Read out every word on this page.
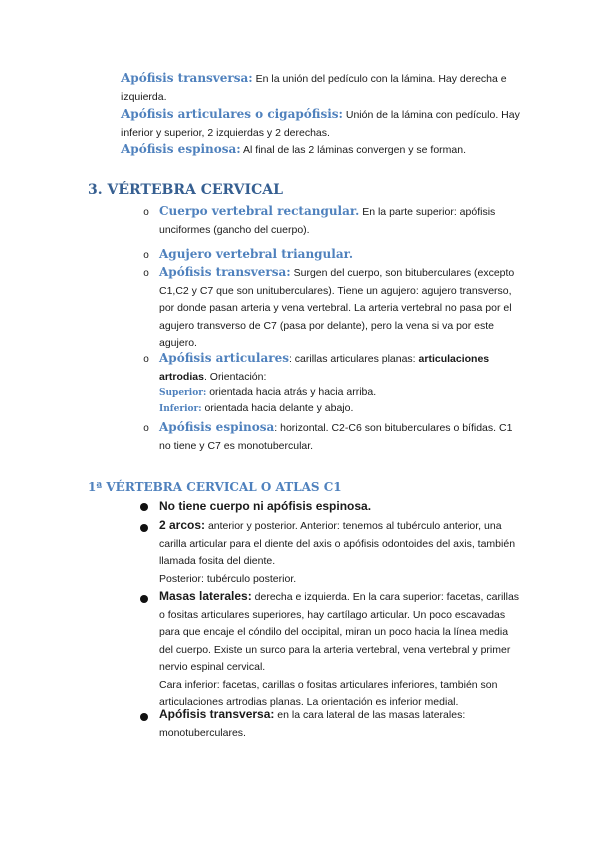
Apófisis transversa: En la unión del pedículo con la lámina. Hay derecha e izquierda.
Apófisis articulares o cigapófisis: Unión de la lámina con pedículo. Hay inferior y superior, 2 izquierdas y 2 derechas.
Apófisis espinosa: Al final de las 2 láminas convergen y se forman.
3. VÉRTEBRA CERVICAL
o Cuerpo vertebral rectangular. En la parte superior: apófisis unciformes (gancho del cuerpo).
o Agujero vertebral triangular.
o Apófisis transversa: Surgen del cuerpo, son bituberculares (excepto C1,C2 y C7 que son unituberculares). Tiene un agujero: agujero transverso, por donde pasan arteria y vena vertebral. La arteria vertebral no pasa por el agujero transverso de C7 (pasa por delante), pero la vena si va por este agujero.
o Apófisis articulares: carillas articulares planas: articulaciones artrodias. Orientación:
Superior: orientada hacia atrás y hacia arriba.
Inferior: orientada hacia delante y abajo.
o Apófisis espinosa: horizontal. C2-C6 son bituberculares o bífidas. C1 no tiene y C7 es monotubercular.
1ª VÉRTEBRA CERVICAL O ATLAS C1
No tiene cuerpo ni apófisis espinosa.
2 arcos: anterior y posterior. Anterior: tenemos al tubérculo anterior, una carilla articular para el diente del axis o apófisis odontoides del axis, también llamada fosita del diente.
Posterior: tubérculo posterior.
Masas laterales: derecha e izquierda. En la cara superior: facetas, carillas o fositas articulares superiores, hay cartílago articular. Un poco escavadas para que encaje el cóndilo del occipital, miran un poco hacia la línea media del cuerpo. Existe un surco para la arteria vertebral, vena vertebral y primer nervio espinal cervical.
Cara inferior: facetas, carillas o fositas articulares inferiores, también son articulaciones artrodias planas. La orientación es inferior medial.
Apófisis transversa: en la cara lateral de las masas laterales: monotuberculares.
